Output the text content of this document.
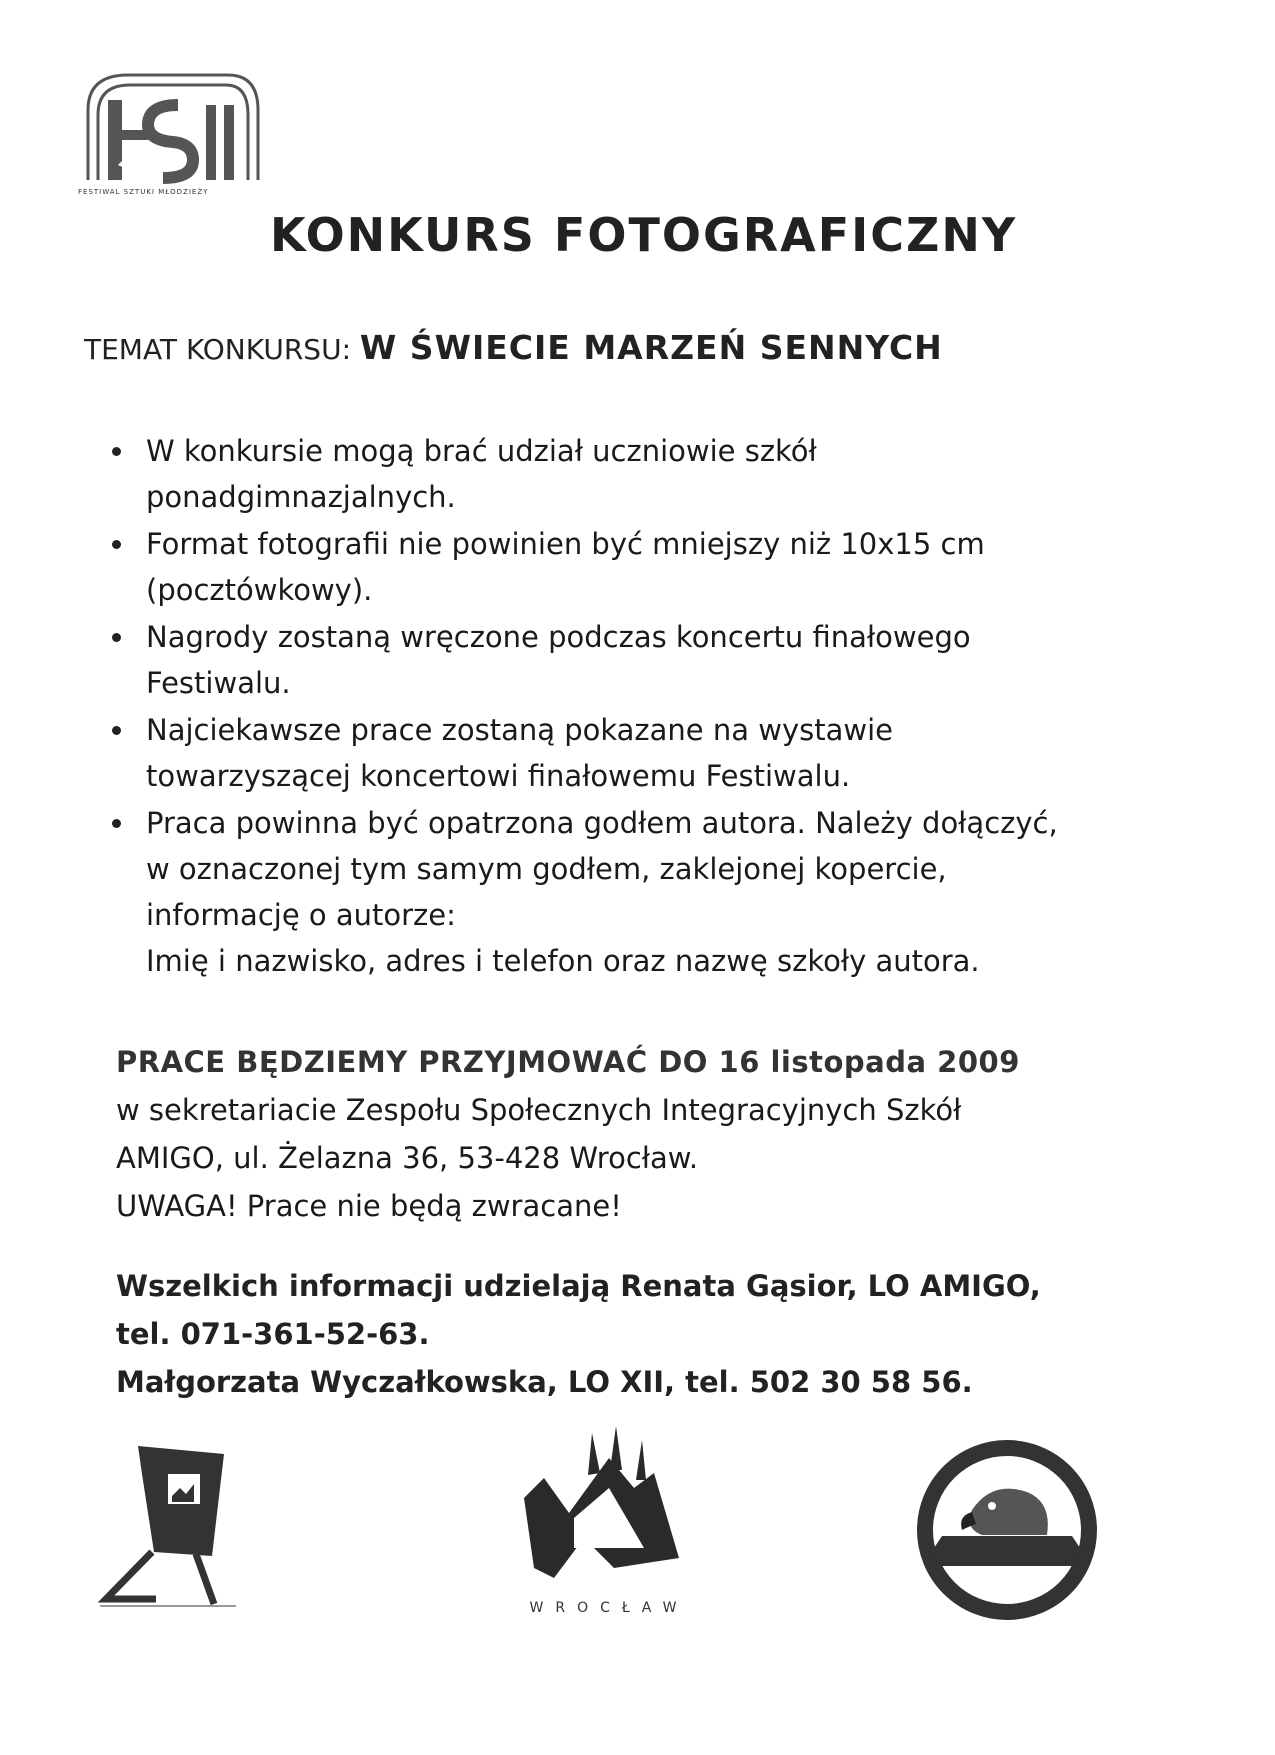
FESTIWAL SZTUKI MŁODZIEŻY
KONKURS FOTOGRAFICZNY
TEMAT KONKURSU: W ŚWIECIE MARZEŃ SENNYCH
W konkursie mogą brać udział uczniowie szkół
ponadgimnazjalnych.
Format fotografii nie powinien być mniejszy niż 10x15 cm
(pocztówkowy).
Nagrody zostaną wręczone podczas koncertu finałowego
Festiwalu.
Najciekawsze prace zostaną pokazane na wystawie
towarzyszącej koncertowi finałowemu Festiwalu.
Praca powinna być opatrzona godłem autora. Należy dołączyć,
w oznaczonej tym samym godłem, zaklejonej kopercie,
informację o autorze:
Imię i nazwisko, adres i telefon oraz nazwę szkoły autora.
PRACE BĘDZIEMY PRZYJMOWAĆ DO 16 listopada 2009
w sekretariacie Zespołu Społecznych Integracyjnych Szkół
AMIGO, ul. Żelazna 36, 53-428 Wrocław.
UWAGA! Prace nie będą zwracane!
Wszelkich informacji udzielają Renata Gąsior, LO AMIGO,
tel. 071-361-52-63.
Małgorzata Wyczałkowska, LO XII, tel. 502 30 58 56.
WROCŁAW
